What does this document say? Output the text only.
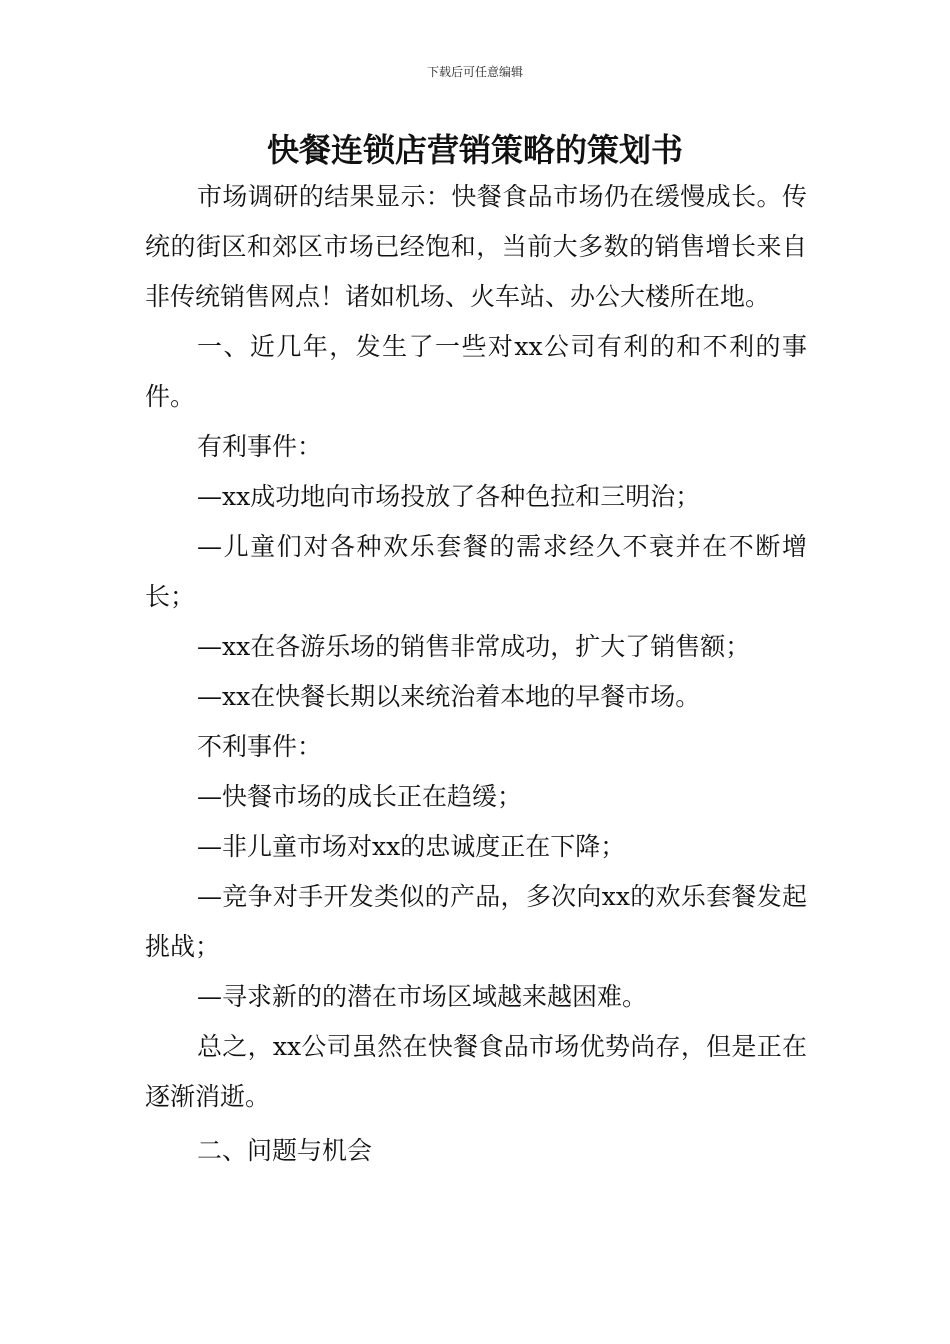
下载后可任意编辑
快餐连锁店营销策略的策划书

市场调研的结果显示：快餐食品市场仍在缓慢成长。传统的街区和郊区市场已经饱和，当前大多数的销售增长来自非传统销售网点！诸如机场、火车站、办公大楼所在地。

一、近几年，发生了一些对xx公司有利的和不利的事件。

有利事件：

—xx成功地向市场投放了各种色拉和三明治；

—儿童们对各种欢乐套餐的需求经久不衰并在不断增长；

—xx在各游乐场的销售非常成功，扩大了销售额；

—xx在快餐长期以来统治着本地的早餐市场。

不利事件：

—快餐市场的成长正在趋缓；

—非儿童市场对xx的忠诚度正在下降；

—竞争对手开发类似的产品，多次向xx的欢乐套餐发起挑战；

—寻求新的的潜在市场区域越来越困难。

总之，xx公司虽然在快餐食品市场优势尚存，但是正在逐渐消逝。

二、问题与机会
